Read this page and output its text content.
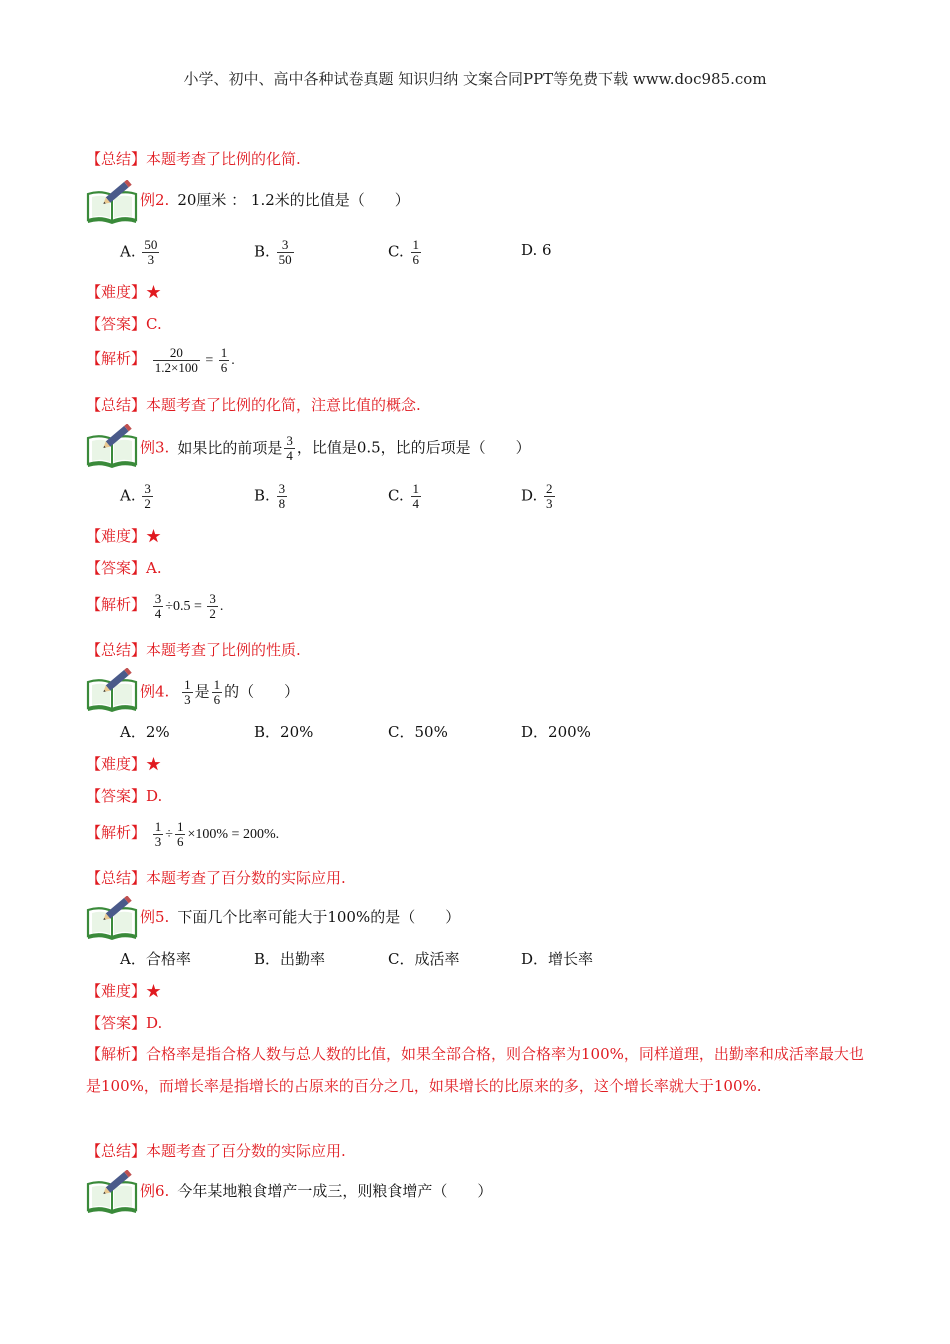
小学、初中、高中各种试卷真题 知识归纳 文案合同PPT等免费下载 www.doc985.com
【总结】本题考查了比例的化简.
例2. 20厘米 ： 1.2米的比值是（　　）
A. $\frac{50}{3}$	B. $\frac{3}{50}$	C. $\frac{1}{6}$	D. 6
【难度】★
【答案】C.
【解析】 $\frac{20}{1.2\times 100} = \frac{1}{6}$ .
【总结】本题考查了比例的化简，注意比值的概念.
例3. 如果比的前项是 $\frac{3}{4}$ ，比值是0.5，比的后项是（　　）
A. $\frac{3}{2}$	B. $\frac{3}{8}$	C. $\frac{1}{4}$	D. $\frac{2}{3}$
【难度】★
【答案】A.
【解析】 $\frac{3}{4} \div 0.5 = \frac{3}{2}$ .
【总结】本题考查了比例的性质.
例4. $\frac{1}{3}$ 是 $\frac{1}{6}$ 的（　　）
A．2%	B．20%	C．50%	D．200%
【难度】★
【答案】D.
【解析】 $\frac{1}{3} \div \frac{1}{6} \times 100\% = 200\%$.
【总结】本题考查了百分数的实际应用.
例5. 下面几个比率可能大于100%的是（　　）
A．合格率	B．出勤率	C．成活率	D．增长率
【难度】★
【答案】D.
【解析】合格率是指合格人数与总人数的比值，如果全部合格，则合格率为100%，同样道理，出勤率和成活率最大也是100%，而增长率是指增长的占原来的百分之几，如果增长的比原来的多，这个增长率就大于100%.
【总结】本题考查了百分数的实际应用.
例6. 今年某地粮食增产一成三，则粮食增产（　　）
